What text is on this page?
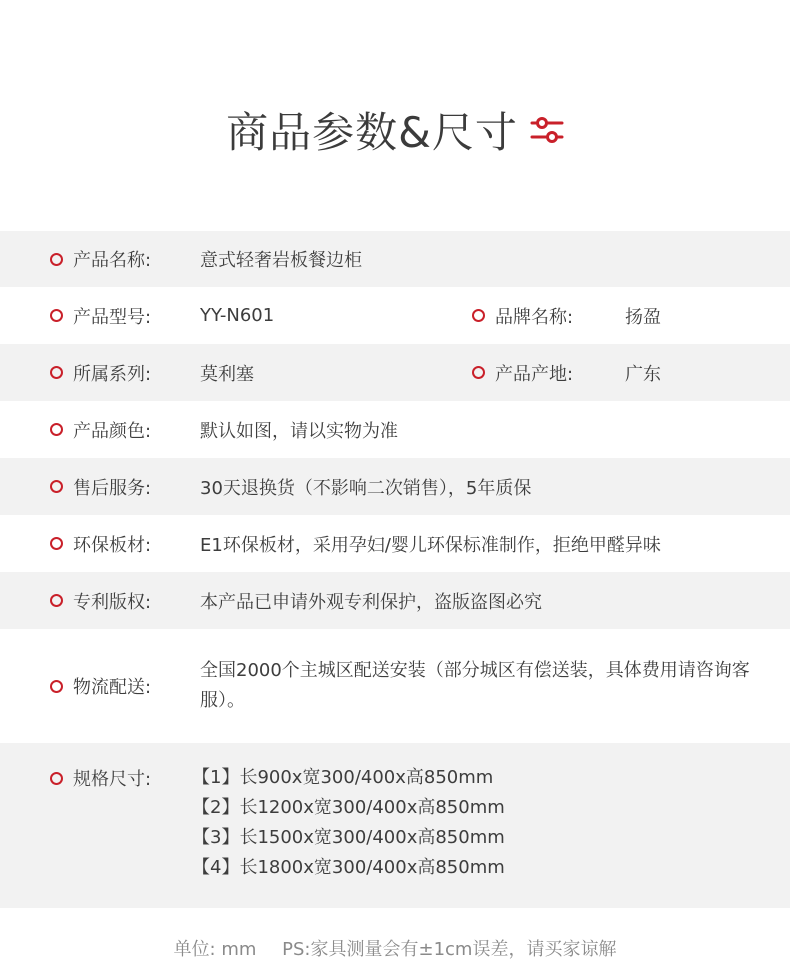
商品参数&尺寸
产品名称:	意式轻奢岩板餐边柜
产品型号:	YY-N601	品牌名称:	扬盈
所属系列:	莫利塞	产品产地:	广东
产品颜色:	默认如图，请以实物为准
售后服务:	30天退换货（不影响二次销售），5年质保
环保板材:	E1环保板材，采用孕妇/婴儿环保标准制作，拒绝甲醛异味
专利版权:	本产品已申请外观专利保护，盗版盗图必究
物流配送:
全国2000个主城区配送安装（部分城区有偿送装，具体费用请咨询客服）。
规格尺寸: 【1】长900x宽300/400x高850mm
【2】长1200x宽300/400x高850mm
【3】长1500x宽300/400x高850mm
【4】长1800x宽300/400x高850mm
单位: mm PS:家具测量会有±1cm误差，请买家谅解
